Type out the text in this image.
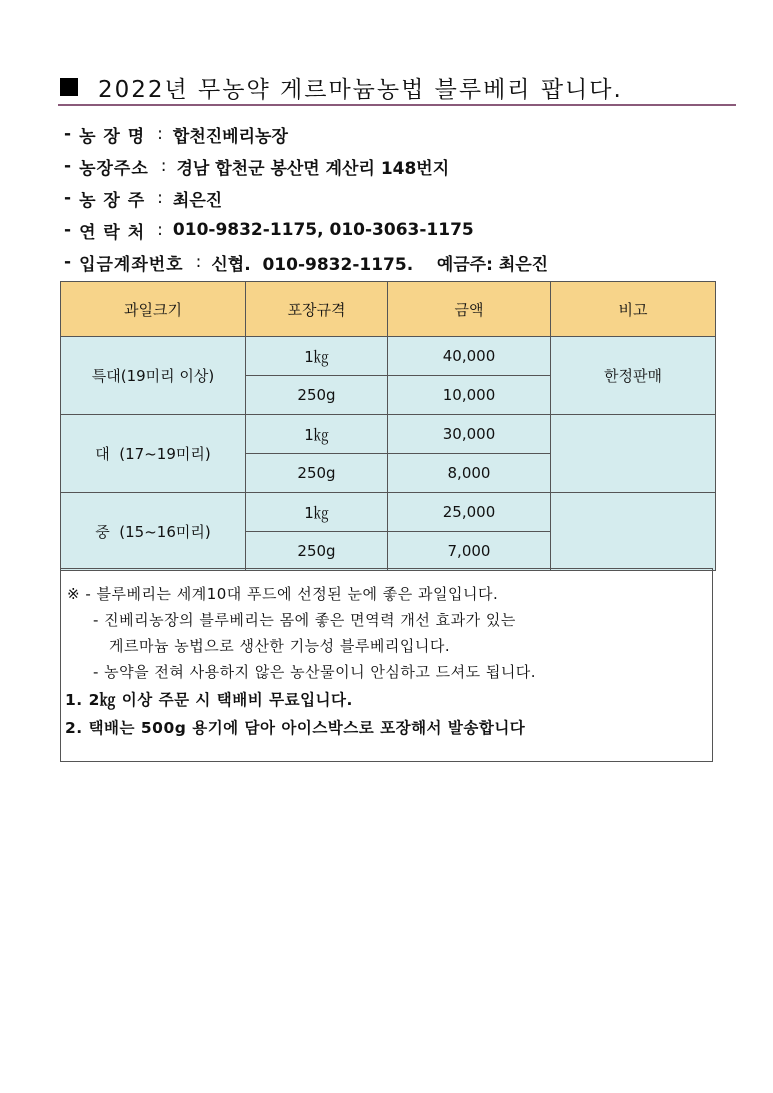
2022년 무농약 게르마늄농법 블루베리 팝니다.
- 농 장 명 : 합천진베리농장
- 농장주소 : 경남 합천군 봉산면 계산리 148번지
- 농 장 주 : 최은진
- 연 락 처 : 010-9832-1175, 010-3063-1175
- 입금계좌번호 : 신협.  010-9832-1175.    예금주: 최은진
과일크기	포장규격	금액	비고
특대(19미리 이상)	1㎏	40,000	한정판매
	250g	10,000	
대  (17~19미리)	1㎏	30,000	
	250g	8,000	
중  (15~16미리)	1㎏	25,000	
	250g	7,000	
※ - 블루베리는 세계10대 푸드에 선정된 눈에 좋은 과일입니다.
- 진베리농장의 블루베리는 몸에 좋은 면역력 개선 효과가 있는
게르마늄 농법으로 생산한 기능성 블루베리입니다.
- 농약을 전혀 사용하지 않은 농산물이니 안심하고 드셔도 됩니다.
1. 2㎏ 이상 주문 시 택배비 무료입니다.
2. 택배는 500g 용기에 담아 아이스박스로 포장해서 발송합니다
